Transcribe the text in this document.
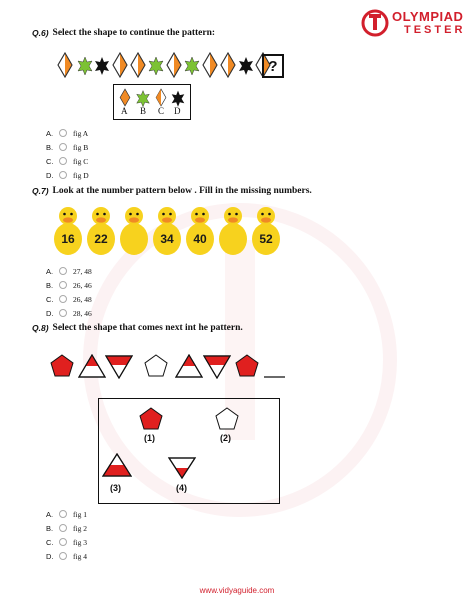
OLYMPIAD
TESTER
Q.6) Select the shape to continue the pattern:
?
A B C D
A.	fig A
B.	fig B
C.	fig C
D.	fig D
Q.7) Look at the number pattern below . Fill in the missing numbers.
16 22	34 40	52
A.	27, 48
B.	26, 46
C.	26, 48
D.	28, 46
Q.8) Select the shape that comes next int he pattern.
(1)	(2)
(3)	(4)
A.	fig 1
B.	fig 2
C.	fig 3
D.	fig 4
www.vidyaguide.com
